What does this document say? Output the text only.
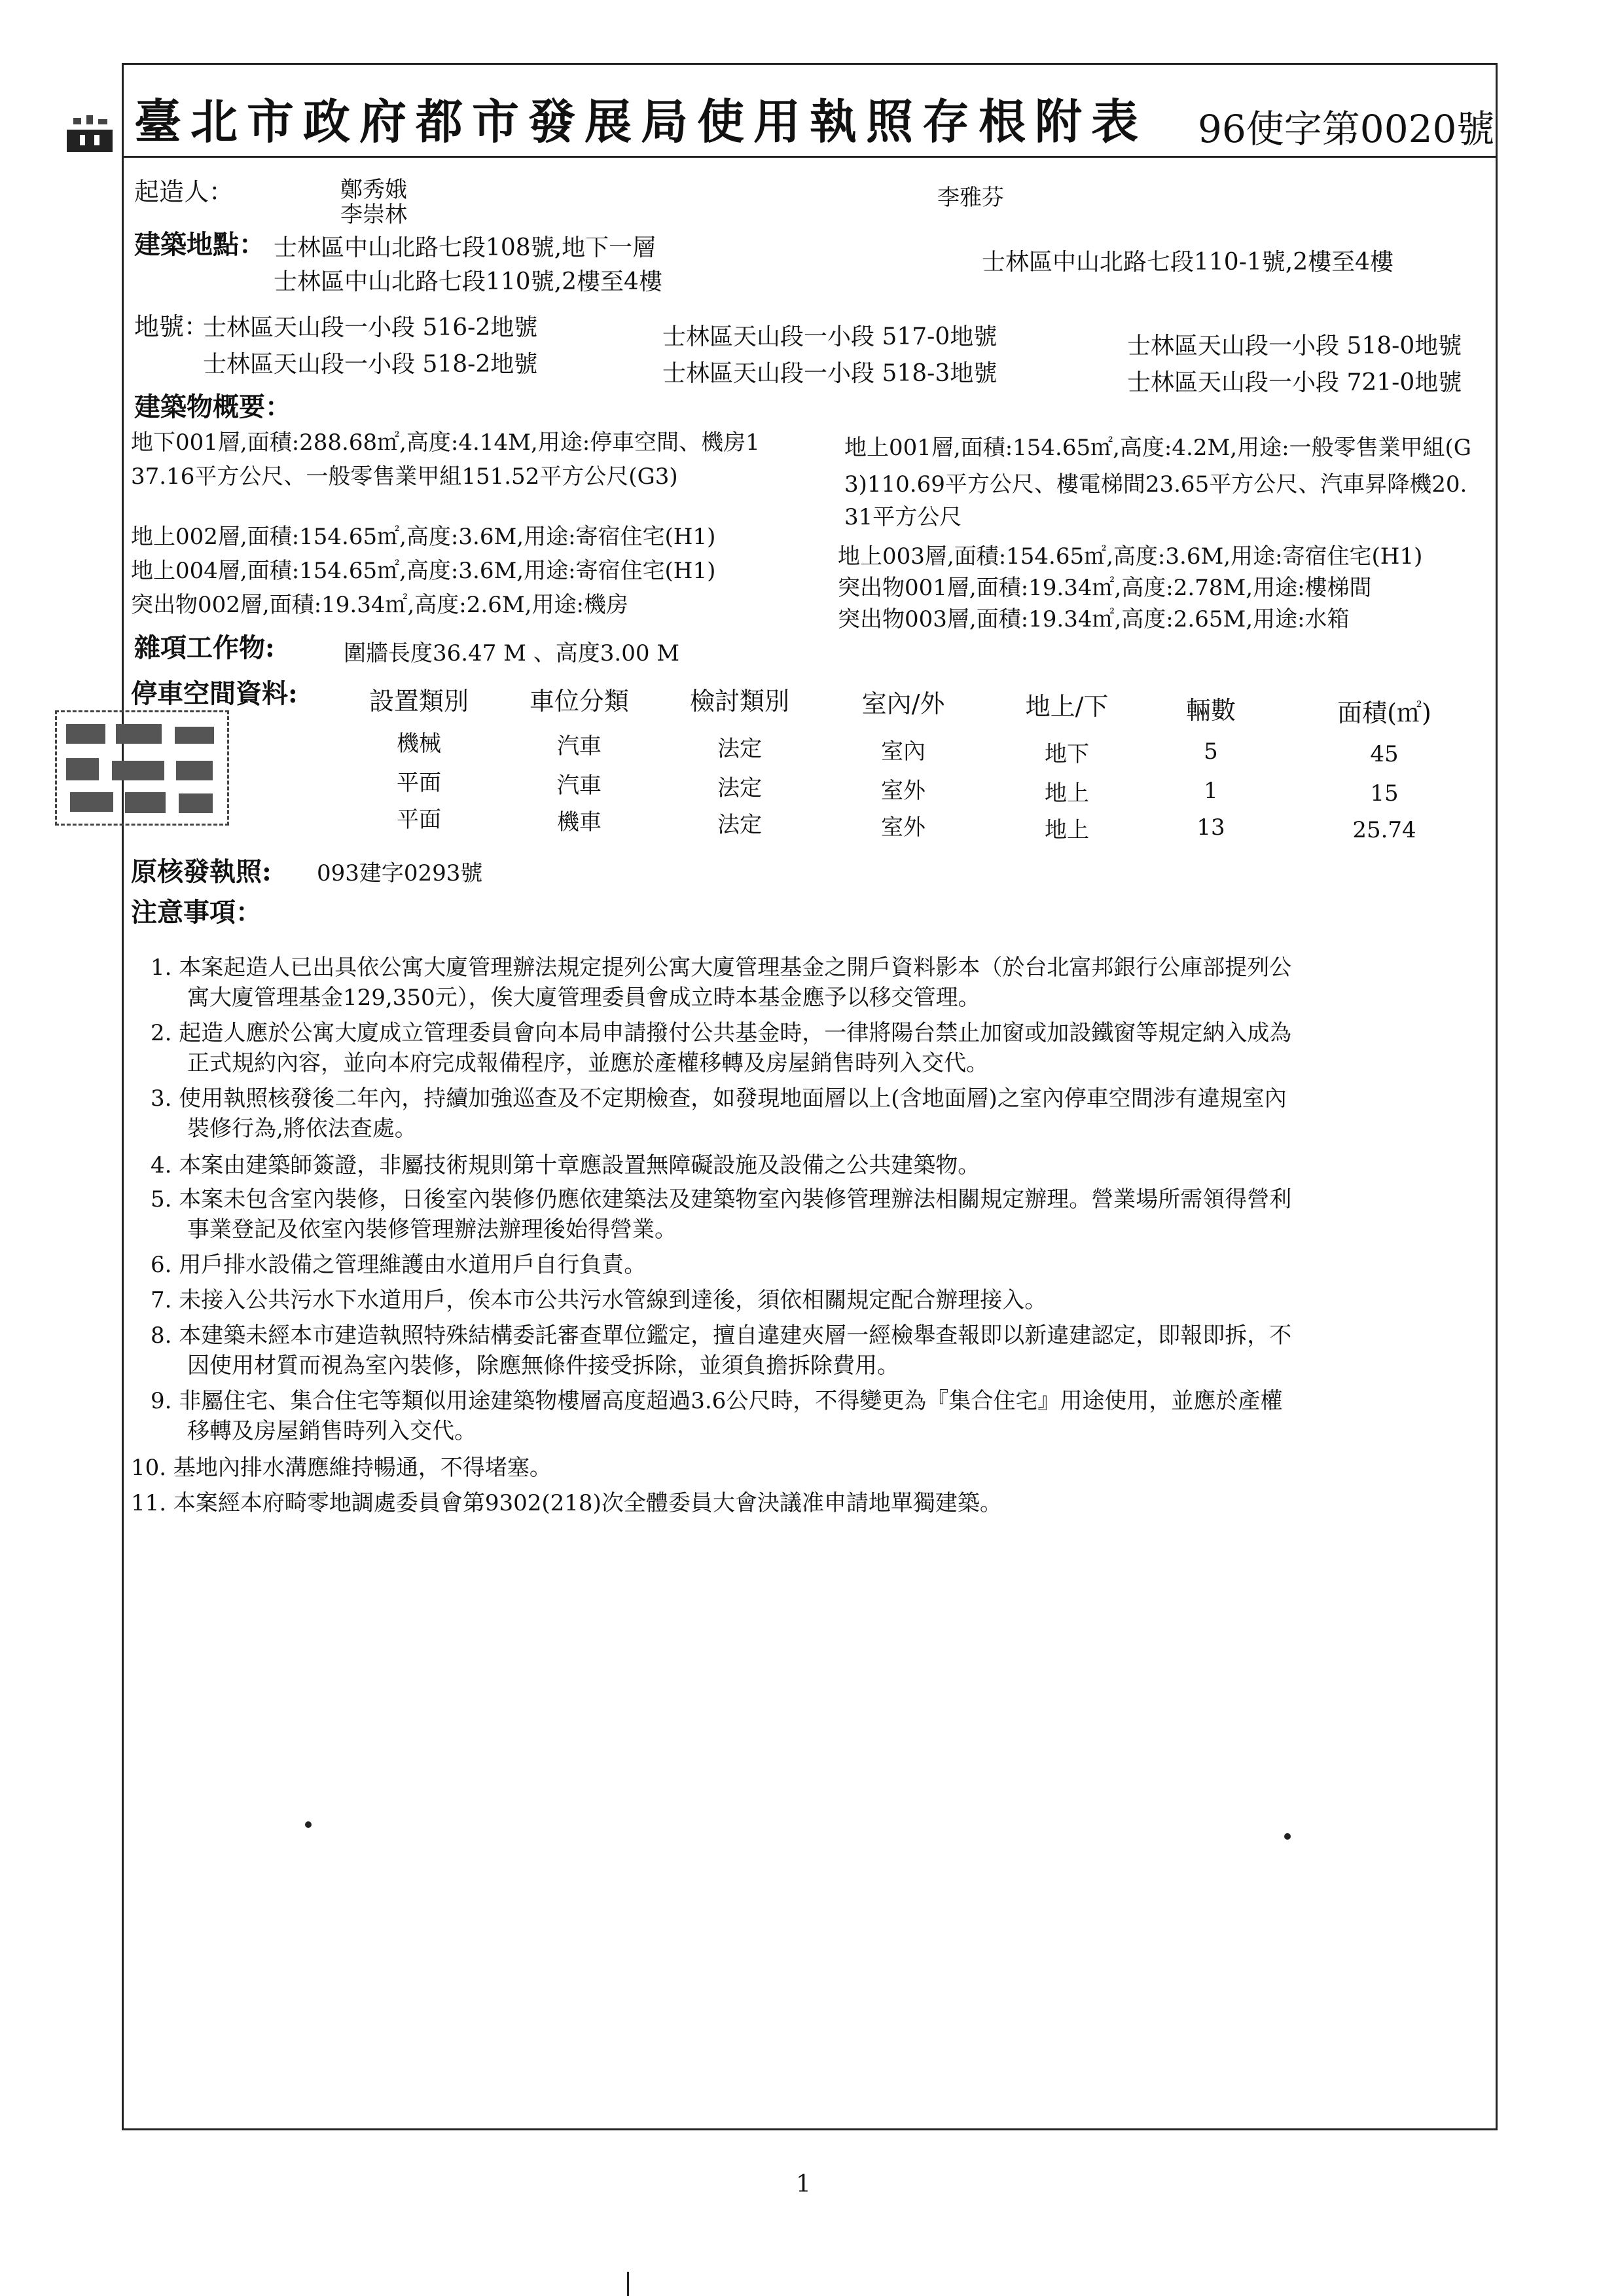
臺北市政府都市發展局使用執照存根附表 96使字第0020號
起造人：	鄭秀娥
李崇林
李雅芬
建築地點： 士林區中山北路七段108號,地下一層
士林區中山北路七段110號,2樓至4樓
士林區中山北路七段110-1號,2樓至4樓
地號：
士林區天山段一小段 516-2地號	士林區天山段一小段 517-0地號	士林區天山段一小段 518-0地號
士林區天山段一小段 518-2地號	士林區天山段一小段 518-3地號	士林區天山段一小段 721-0地號
建築物概要：
地下001層,面積:288.68㎡,高度:4.14M,用途:停車空間、機房1
37.16平方公尺、一般零售業甲組151.52平方公尺(G3)
地上002層,面積:154.65㎡,高度:3.6M,用途:寄宿住宅(H1)
地上004層,面積:154.65㎡,高度:3.6M,用途:寄宿住宅(H1)
突出物002層,面積:19.34㎡,高度:2.6M,用途:機房
地上001層,面積:154.65㎡,高度:4.2M,用途:一般零售業甲組(G
3)110.69平方公尺、樓電梯間23.65平方公尺、汽車昇降機20.
31平方公尺
地上003層,面積:154.65㎡,高度:3.6M,用途:寄宿住宅(H1)
突出物001層,面積:19.34㎡,高度:2.78M,用途:樓梯間
突出物003層,面積:19.34㎡,高度:2.65M,用途:水箱
雜項工作物:	圍牆長度36.47 M 、高度3.00 M
停車空間資料:	設置類別	車位分類	檢討類別	室內/外	地上/下	輛數	面積(㎡)
機械	汽車	法定	室內	地下	5	45
平面	汽車	法定	室外	地上	1	15
平面	機車	法定	室外	地上	13	25.74
原核發執照: 093建字0293號
注意事項：
1. 本案起造人已出具依公寓大廈管理辦法規定提列公寓大廈管理基金之開戶資料影本（於台北富邦銀行公庫部提列公
寓大廈管理基金129,350元），俟大廈管理委員會成立時本基金應予以移交管理。
2. 起造人應於公寓大廈成立管理委員會向本局申請撥付公共基金時，一律將陽台禁止加窗或加設鐵窗等規定納入成為
正式規約內容，並向本府完成報備程序，並應於產權移轉及房屋銷售時列入交代。
3. 使用執照核發後二年內，持續加強巡查及不定期檢查，如發現地面層以上(含地面層)之室內停車空間涉有違規室內
裝修行為,將依法查處。
4. 本案由建築師簽證，非屬技術規則第十章應設置無障礙設施及設備之公共建築物。
5. 本案未包含室內裝修，日後室內裝修仍應依建築法及建築物室內裝修管理辦法相關規定辦理。營業場所需領得營利
事業登記及依室內裝修管理辦法辦理後始得營業。
6. 用戶排水設備之管理維護由水道用戶自行負責。
7. 未接入公共污水下水道用戶，俟本市公共污水管線到達後，須依相關規定配合辦理接入。
8. 本建築未經本市建造執照特殊結構委託審查單位鑑定，擅自違建夾層一經檢舉查報即以新違建認定，即報即拆，不
因使用材質而視為室內裝修，除應無條件接受拆除，並須負擔拆除費用。
9. 非屬住宅、集合住宅等類似用途建築物樓層高度超過3.6公尺時，不得變更為『集合住宅』用途使用，並應於產權
移轉及房屋銷售時列入交代。
10. 基地內排水溝應維持暢通，不得堵塞。
11. 本案經本府畸零地調處委員會第9302(218)次全體委員大會決議准申請地單獨建築。
1
